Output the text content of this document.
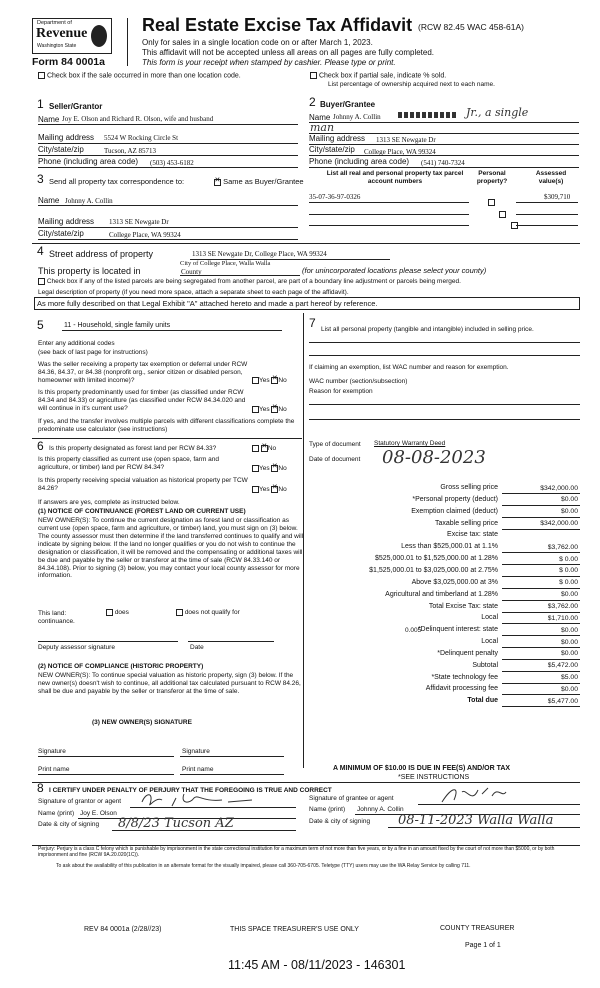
Department of
Revenue
Washington State
Form 84 0001a
Real Estate Excise Tax Affidavit (RCW 82.45 WAC 458-61A)
Only for sales in a single location code on or after March 1, 2023.
This affidavit will not be accepted unless all areas on all pages are fully completed.
This form is your receipt when stamped by cashier. Please type or print.
Check box if the sale occurred in more than one location code.	Check box if partial sale, indicate % sold.
List percentage of ownership acquired next to each name.
1 Seller/Grantor
Name Joy E. Olson and Richard R. Olson, wife and husband
Mailing address 5524 W Rocking Circle St
City/state/zip	Tucson, AZ 85713
Phone (including area code) (503) 453-6182
2 Buyer/Grantee
Name Johnny A. Collin	Jr., a single
man
Mailing address 1313 SE Newgate Dr
City/state/zip College Place, WA 99324
Phone (including area code) (541) 740-7324
3 Send all property tax correspondence to: ✕	Same as Buyer/Grantee
Name Johnny A. Collin
Mailing address 1313 SE Newgate Dr
City/state/zip	College Place, WA 99324
List all real and personal property tax parcel account numbers
Personal property?
Assessed value(s)
35-07-36-97-0326
	$309,710
4 Street address of property	1313 SE Newgate Dr, College Place, WA 99324
City of College Place, Walla Walla
This property is located in	County	(for unincorporated locations please select your county)
Check box if any of the listed parcels are being segregated from another parcel, are part of a boundary line adjustment or parcels being merged.
Legal description of property (if you need more space, attach a separate sheet to each page of the affidavit).
As more fully described on that Legal Exhibit "A" attached hereto and made a part hereof by reference.
5	11 - Household, single family units
Enter any additional codes
(see back of last page for instructions)
Was the seller receiving a property tax exemption or deferral under RCW 84.36, 84.37, or 84.38 (nonprofit org., senior citizen or disabled person, homeowner with limited income)?	Yes ✕ No
Is this property predominantly used for timber (as classified under RCW 84.34 and 84.33) or agriculture (as classified under RCW 84.34.020 and will continue in it's current use?	Yes ✕ No
If yes, and the transfer involves multiple parcels with different classifications complete the predominate use calculator (see instructions)
6 Is this property designated as forest land per RCW 84.33? ✕	No
Is this property classified as current use (open space, farm and agriculture, or timber) land per RCW 84.34?	Yes ✕ No
Is this property receiving special valuation as historical property per TCW 84.26?	Yes ✕ No
If answers are yes, complete as instructed below.
(1) NOTICE OF CONTINUANCE (FOREST LAND OR CURRENT USE)
NEW OWNER(S): To continue the current designation as forest land or classification as current use (open space, farm and agriculture, or timber) land, you must sign on (3) below. The county assessor must then determine if the land transferred continues to qualify and will indicate by signing below. If the land no longer qualifies or you do not wish to continue the designation or classification, it will be removed and the compensating or additional taxes will be due and payable by the seller or transferor at the time of sale (RCW 84.33.140 or 84.34.108). Prior to signing (3) below, you may contact your local county assessor for more information.
This land:
continuance.
does	does not qualify for
Deputy assessor signature	Date
(2) NOTICE OF COMPLIANCE (HISTORIC PROPERTY)
NEW OWNER(S): To continue special valuation as historic property, sign (3) below. If the new owner(s) doesn't wish to continue, all additional tax calculated pursuant to RCW 84.26, shall be due and payable by the seller or transferor at the time of sale.
(3) NEW OWNER(S) SIGNATURE
Signature	Signature
Print name	Print name
7 List all personal property (tangible and intangible) included in selling price.
If claiming an exemption, list WAC number and reason for exemption.
WAC number (section/subsection)
Reason for exemption
Type of document Statutory Warranty Deed
Date of document 08-08-2023
Gross selling price	$342,000.00
*Personal property (deduct)	$0.00
Exemption claimed (deduct)	$0.00
Taxable selling price	$342,000.00
Excise tax: state
Less than $525,000.01 at 1.1%	$3,762.00
$525,000.01 to $1,525,000.00 at 1.28%	$ 0.00
$1,525,000.01 to $3,025,000.00 at 2.75%	$ 0.00
Above $3,025,000.00 at 3%	$ 0.00
Agricultural and timberland at 1.28%	$0.00
Total Excise Tax: state	$3,762.00
Local	$1,710.00
*Delinquent interest: state	$0.00
Local	$0.00
*Delinquent penalty	$0.00
Subtotal	$5,472.00
*State technology fee	$5.00
Affidavit processing fee	$0.00
Total due	$5,477.00
0.005
A MINIMUM OF $10.00 IS DUE IN FEE(S) AND/OR TAX
*SEE INSTRUCTIONS
8 I CERTIFY UNDER PENALTY OF PERJURY THAT THE FOREGOING IS TRUE AND CORRECT
Signature of grantor or agent
Name (print) Joy E. Olson
Date & city of signing 8/8/23 Tucson AZ
Signature of grantee or agent
Name (print) Johnny A. Collin
Date & city of signing 08-11-2023 Walla Walla
Perjury: Perjury is a class C felony which is punishable by imprisonment in the state correctional institution for a maximum term of not more than five years, or by a fine in an amount fixed by the court of not more than $5000, or by both imprisonment and fine (RCW 9A.20.020(1C)).
To ask about the availability of this publication in an alternate format for the visually impaired, please call 360-705-6705. Teletype (TTY) users may use the WA Relay Service by calling 711.
REV 84 0001a (2/28//23)	THIS SPACE TREASURER'S USE ONLY	COUNTY TREASURER
Page 1 of 1
11:45 AM - 08/11/2023 - 146301
